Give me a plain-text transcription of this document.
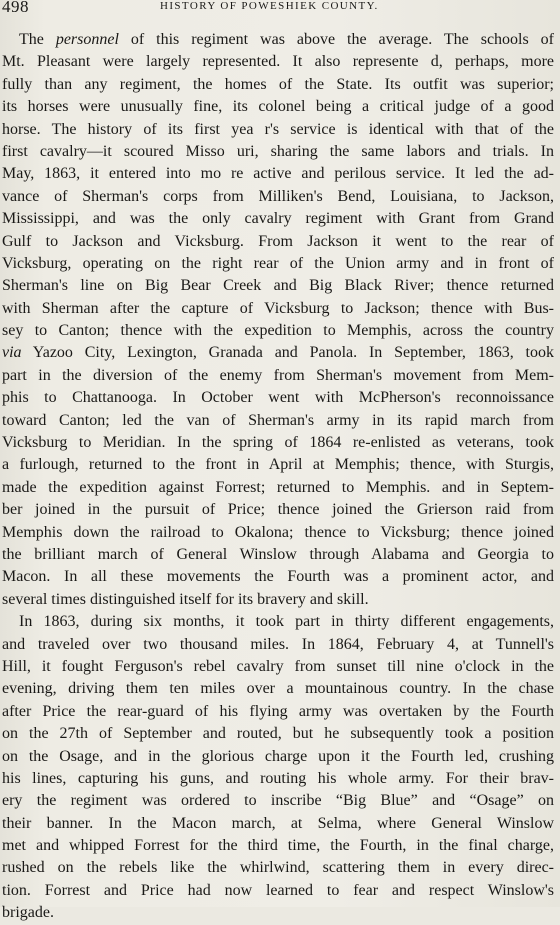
498	HISTORY OF POWESHIEK COUNTY.
The personnel of this regiment was above the average. The schools of
Mt. Pleasant were largely represented. It also represente d, perhaps, more
fully than any regiment, the homes of the State. Its outfit was superior;
its horses were unusually fine, its colonel being a critical judge of a good
horse. The history of its first yea r's service is identical with that of the
first cavalry—it scoured Misso uri, sharing the same labors and trials. In
May, 1863, it entered into mo re active and perilous service. It led the ad-
vance of Sherman's corps from Milliken's Bend, Louisiana, to Jackson,
Mississippi, and was the only cavalry regiment with Grant from Grand
Gulf to Jackson and Vicksburg. From Jackson it went to the rear of
Vicksburg, operating on the right rear of the Union army and in front of
Sherman's line on Big Bear Creek and Big Black River; thence returned
with Sherman after the capture of Vicksburg to Jackson; thence with Bus-
sey to Canton; thence with the expedition to Memphis, across the country
via Yazoo City, Lexington, Granada and Panola. In September, 1863, took
part in the diversion of the enemy from Sherman's movement from Mem-
phis to Chattanooga. In October went with McPherson's reconnoissance
toward Canton; led the van of Sherman's army in its rapid march from
Vicksburg to Meridian. In the spring of 1864 re-enlisted as veterans, took
a furlough, returned to the front in April at Memphis; thence, with Sturgis,
made the expedition against Forrest; returned to Memphis. and in Septem-
ber joined in the pursuit of Price; thence joined the Grierson raid from
Memphis down the railroad to Okalona; thence to Vicksburg; thence joined
the brilliant march of General Winslow through Alabama and Georgia to
Macon. In all these movements the Fourth was a prominent actor, and
several times distinguished itself for its bravery and skill.
In 1863, during six months, it took part in thirty different engagements,
and traveled over two thousand miles. In 1864, February 4, at Tunnell's
Hill, it fought Ferguson's rebel cavalry from sunset till nine o'clock in the
evening, driving them ten miles over a mountainous country. In the chase
after Price the rear-guard of his flying army was overtaken by the Fourth
on the 27th of September and routed, but he subsequently took a position
on the Osage, and in the glorious charge upon it the Fourth led, crushing
his lines, capturing his guns, and routing his whole army. For their brav-
ery the regiment was ordered to inscribe “Big Blue” and “Osage” on
their banner. In the Macon march, at Selma, where General Winslow
met and whipped Forrest for the third time, the Fourth, in the final charge,
rushed on the rebels like the whirlwind, scattering them in every direc-
tion. Forrest and Price had now learned to fear and respect Winslow's
brigade.
